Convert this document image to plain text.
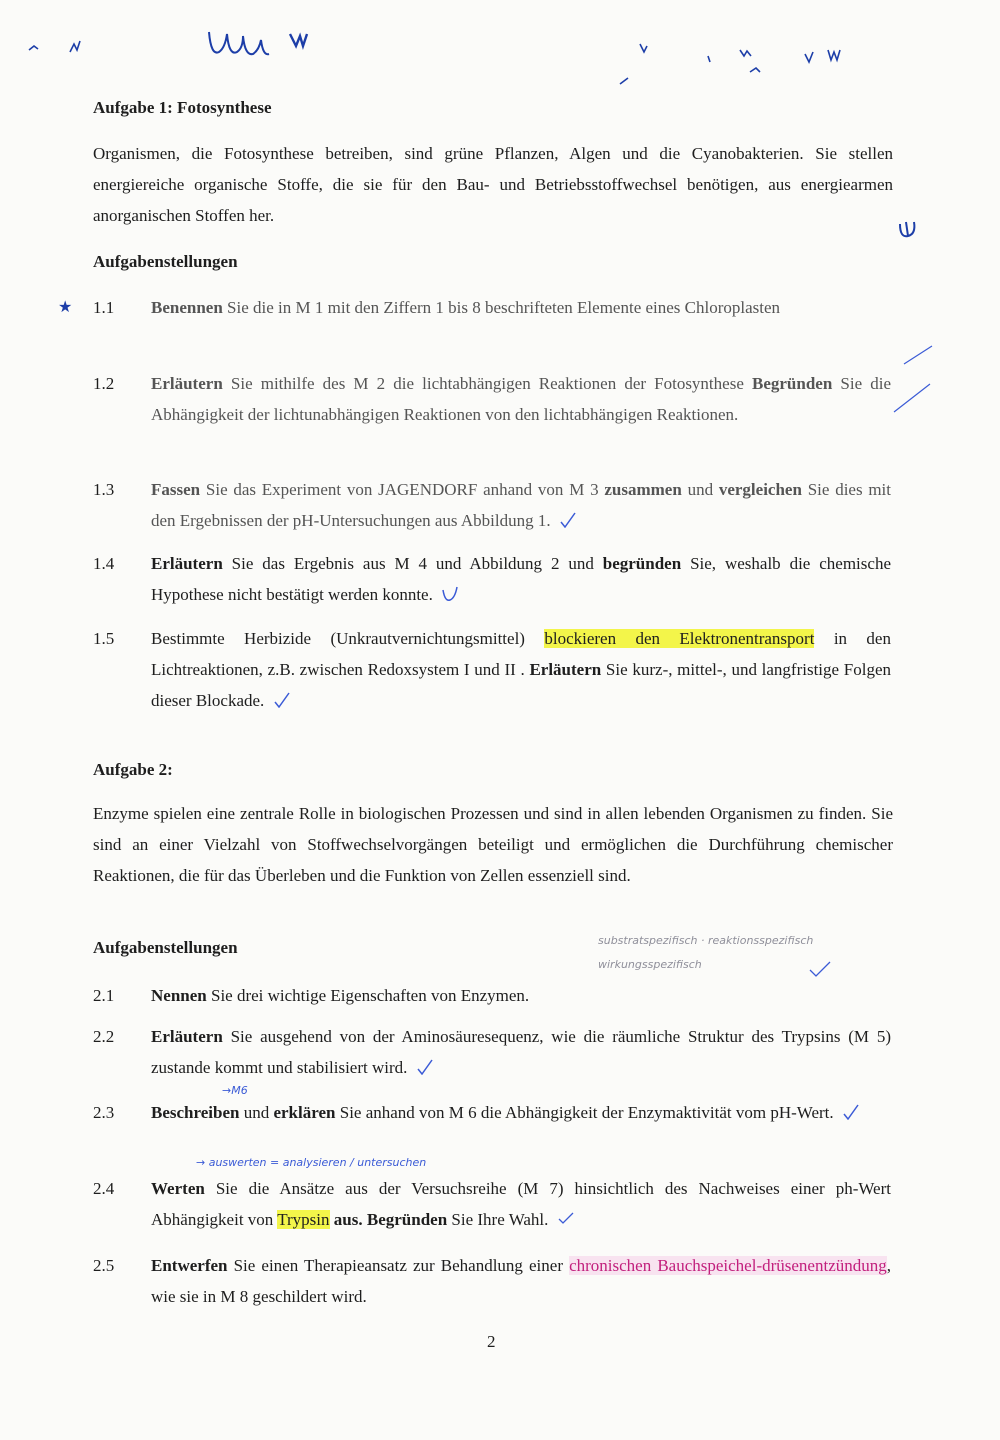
★
Aufgabe 1: Fotosynthese

Organismen, die Fotosynthese betreiben, sind grüne Pflanzen, Algen und die Cyanobakterien. Sie stellen energiereiche organische Stoffe, die sie für den Bau- und Betriebsstoffwechsel benötigen, aus energiearmen anorganischen Stoffen her.

Aufgabenstellungen
1.1	Benennen Sie die in M 1 mit den Ziffern 1 bis 8 beschrifteten Elemente eines Chloroplasten
1.2	Erläutern Sie mithilfe des M 2 die lichtabhängigen Reaktionen der Fotosynthese Begründen Sie die Abhängigkeit der lichtunabhängigen Reaktionen von den lichtabhängigen Reaktionen.
1.3	Fassen Sie das Experiment von JAGENDORF anhand von M 3 zusammen und vergleichen Sie dies mit den Ergebnissen der pH-Untersuchungen aus Abbildung 1.
1.4	Erläutern Sie das Ergebnis aus M 4 und Abbildung 2 und begründen Sie, weshalb die chemische Hypothese nicht bestätigt werden konnte.
1.5	Bestimmte Herbizide (Unkrautvernichtungsmittel) blockieren den Elektronentransport in den Lichtreaktionen, z.B. zwischen Redoxsystem I und II . Erläutern Sie kurz-, mittel-, und langfristige Folgen dieser Blockade.
Aufgabe 2:

Enzyme spielen eine zentrale Rolle in biologischen Prozessen und sind in allen lebenden Organismen zu finden. Sie sind an einer Vielzahl von Stoffwechselvorgängen beteiligt und ermöglichen die Durchführung chemischer Reaktionen, die für das Überleben und die Funktion von Zellen essenziell sind.

Aufgabenstellungen	substratspezifisch · reaktionsspezifisch
wirkungsspezifisch
2.1	Nennen Sie drei wichtige Eigenschaften von Enzymen.
2.2	Erläutern Sie ausgehend von der Aminosäuresequenz, wie die räumliche Struktur des Trypsins (M 5) zustande kommt und stabilisiert wird.
→M6
2.3	Beschreiben und erklären Sie anhand von M 6 die Abhängigkeit der Enzymaktivität vom pH-Wert.
→ auswerten = analysieren / untersuchen
2.4	Werten Sie die Ansätze aus der Versuchsreihe (M 7) hinsichtlich des Nachweises einer ph-Wert Abhängigkeit von Trypsin aus. Begründen Sie Ihre Wahl.
2.5	Entwerfen Sie einen Therapieansatz zur Behandlung einer chronischen Bauchspeichel-drüsenentzündung, wie sie in M 8 geschildert wird.
2
